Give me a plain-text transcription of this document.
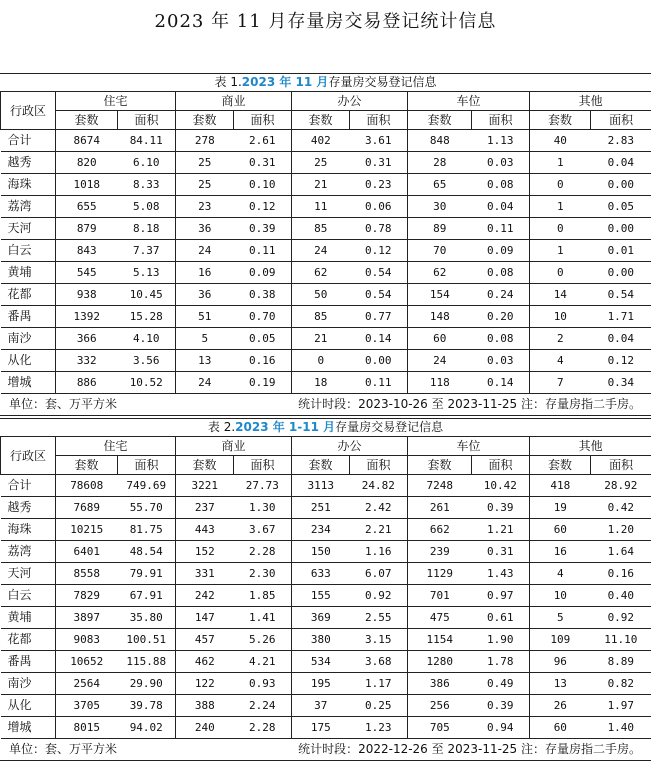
2023 年 11 月存量房交易登记统计信息
表 1.2023 年 11 月存量房交易登记信息
行政区	住宅		商业		办公		车位		其他	
	套数	面积	套数	面积	套数	面积	套数	面积	套数	面积
合计	8674	84.11	278	2.61	402	3.61	848	1.13	40	2.83
越秀	820	6.10	25	0.31	25	0.31	28	0.03	1	0.04
海珠	1018	8.33	25	0.10	21	0.23	65	0.08	0	0.00
荔湾	655	5.08	23	0.12	11	0.06	30	0.04	1	0.05
天河	879	8.18	36	0.39	85	0.78	89	0.11	0	0.00
白云	843	7.37	24	0.11	24	0.12	70	0.09	1	0.01
黄埔	545	5.13	16	0.09	62	0.54	62	0.08	0	0.00
花都	938	10.45	36	0.38	50	0.54	154	0.24	14	0.54
番禺	1392	15.28	51	0.70	85	0.77	148	0.20	10	1.71
南沙	366	4.10	5	0.05	21	0.14	60	0.08	2	0.04
从化	332	3.56	13	0.16	0	0.00	24	0.03	4	0.12
增城	886	10.52	24	0.19	18	0.11	118	0.14	7	0.34
单位：套、万平方米	统计时段：2023-10-26 至 2023-11-25 注：存量房指二手房。
表 2.2023 年 1-11 月存量房交易登记信息
行政区	住宅		商业		办公		车位		其他	
	套数	面积	套数	面积	套数	面积	套数	面积	套数	面积
合计	78608	749.69	3221	27.73	3113	24.82	7248	10.42	418	28.92
越秀	7689	55.70	237	1.30	251	2.42	261	0.39	19	0.42
海珠	10215	81.75	443	3.67	234	2.21	662	1.21	60	1.20
荔湾	6401	48.54	152	2.28	150	1.16	239	0.31	16	1.64
天河	8558	79.91	331	2.30	633	6.07	1129	1.43	4	0.16
白云	7829	67.91	242	1.85	155	0.92	701	0.97	10	0.40
黄埔	3897	35.80	147	1.41	369	2.55	475	0.61	5	0.92
花都	9083	100.51	457	5.26	380	3.15	1154	1.90	109	11.10
番禺	10652	115.88	462	4.21	534	3.68	1280	1.78	96	8.89
南沙	2564	29.90	122	0.93	195	1.17	386	0.49	13	0.82
从化	3705	39.78	388	2.24	37	0.25	256	0.39	26	1.97
增城	8015	94.02	240	2.28	175	1.23	705	0.94	60	1.40
单位：套、万平方米	统计时段：2022-12-26 至 2023-11-25 注：存量房指二手房。
